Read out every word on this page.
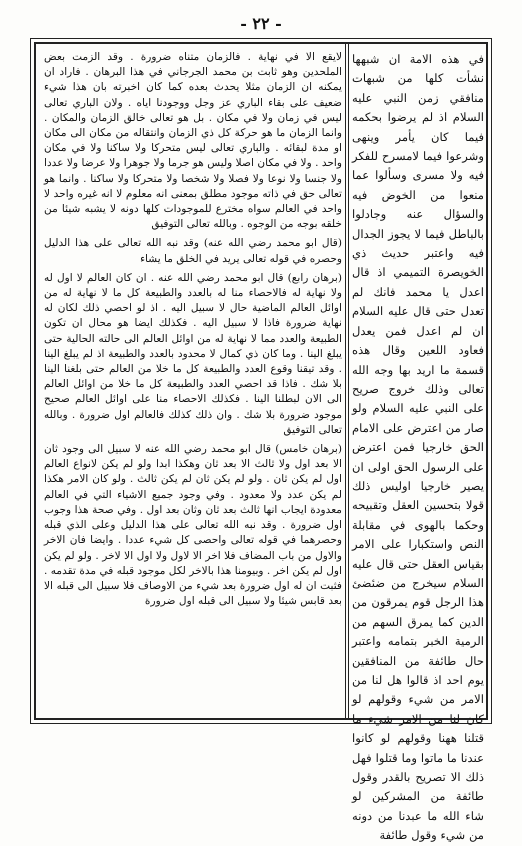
- ٢٢ -

لايقع الا في نهاية . فالزمان متناه ضرورة . وقد الزمت بعض الملحدين وهو ثابت بن محمد الجرجاني في هذا البرهان . فاراد ان يمكنه ان الزمان مثلا يحدث بعده كما كان اخبرته بان هذا شيء ضعيف على بقاء الباري عز وجل ووجودنا اياه . ولان الباري تعالى ليس في زمان ولا في مكان . بل هو تعالى خالق الزمان والمكان . وانما الزمان ما هو حركة كل ذي الزمان وانتقاله من مكان الى مكان او مدة لبقائه . والباري تعالى ليس متحركا ولا ساكنا ولا في مكان واحد . ولا في مكان اصلا وليس هو جرما ولا جوهرا ولا عرضا ولا عددا ولا جنسا ولا نوعا ولا فصلا ولا شخصا ولا متحركا ولا ساكنا . وانما هو تعالى حق في ذاته موجود مطلق بمعنى انه معلوم لا انه غيره واحد لا واحد في العالم سواه مخترع للموجودات كلها دونه لا يشبه شيئا من خلقه بوجه من الوجوه . وبالله تعالى التوفيق

(قال ابو محمد رضي الله عنه) وقد نبه الله تعالى على هذا الدليل وحصره في قوله تعالى يريد في الخلق ما يشاء

(برهان رابع) قال ابو محمد رضي الله عنه . ان كان العالم لا اول له ولا نهاية له فالاحصاء منا له بالعدد والطبيعة كل ما لا نهاية له من اوائل العالم الماضية حال لا سبيل اليه . اذ لو احصي ذلك لكان له نهاية ضرورة فاذا لا سبيل اليه . فكذلك ايضا هو محال ان تكون الطبيعة والعدد مما لا نهاية له من اوائل العالم الى حالته الحالية حتى يبلغ الينا . وما كان ذي كمال لا محدود بالعدد والطبيعة اذ لم يبلغ الينا . وقد تيقنا وقوع العدد والطبيعة كل ما خلا من العالم حتى بلغنا الينا بلا شك . فاذا قد احصي العدد والطبيعة كل ما خلا من اوائل العالم الى الان لبطلنا الينا . فكذلك الاحصاء منا على اوائل العالم صحيح موجود ضرورة بلا شك . وان ذلك كذلك فالعالم اول ضرورة . وبالله تعالى التوفيق

(برهان خامس) قال ابو محمد رضي الله عنه لا سبيل الى وجود ثان الا بعد اول ولا ثالث الا بعد ثان وهكذا ابدا ولو لم يكن لانواع العالم اول لم يكن ثان . ولو لم يكن ثان لم يكن ثالث . ولو كان الامر هكذا لم يكن عدد ولا معدود . وفي وجود جميع الاشياء التي في العالم معدودة ايجاب انها ثالث بعد ثان وثان بعد اول . وفي صحة هذا وجوب اول ضرورة . وقد نبه الله تعالى على هذا الدليل وعلى الذي قبله وحصرهما في قوله تعالى واحصى كل شيء عددا . وايضا فان الاخر والاول من باب المضاف فلا اخر الا لاول ولا اول الا لاخر . ولو لم يكن اول لم يكن اخر . وبيومنا هذا بالاخر لكل موجود قبله في مدة تقدمه . فثبت ان له اول ضرورة بعد شيء من الاوصاف فلا سبيل الى قبله الا بعد قابس شيئا ولا سبيل الى قبله اول ضرورة

في هذه الامة ان شبهها نشأت كلها من شبهات منافقي زمن النبي عليه السلام اذ لم يرضوا بحكمه فيما كان يأمر وينهى وشرعوا فيما لامسرح للفكر فيه ولا مسرى وسألوا عما منعوا من الخوض فيه والسؤال عنه وجادلوا بالباطل فيما لا يجوز الجدال فيه واعتبر حديث ذي الخويصرة التميمي اذ قال اعدل يا محمد فانك لم تعدل حتى قال عليه السلام ان لم اعدل فمن يعدل فعاود اللعين وقال هذه قسمة ما اريد بها وجه الله تعالى وذلك خروج صريح على النبي عليه السلام ولو صار من اعترض على الامام الحق خارجيا فمن اعترض على الرسول الحق اولى ان يصير خارجيا اوليس ذلك قولا بتحسين العقل وتقبيحه وحكما بالهوى في مقابلة النص واستكبارا على الامر بقياس العقل حتى قال عليه السلام سيخرج من ضئضئ هذا الرجل قوم يمرقون من الدين كما يمرق السهم من الرمية الخبر بتمامه واعتبر حال طائفة من المنافقين يوم احد اذ قالوا هل لنا من الامر من شيء وقولهم لو كان لنا من الامر شيء ما قتلنا ههنا وقولهم لو كانوا عندنا ما ماتوا وما قتلوا فهل ذلك الا تصريح بالقدر وقول طائفة من المشركين لو شاء الله ما عبدنا من دونه من شيء وقول طائفة
